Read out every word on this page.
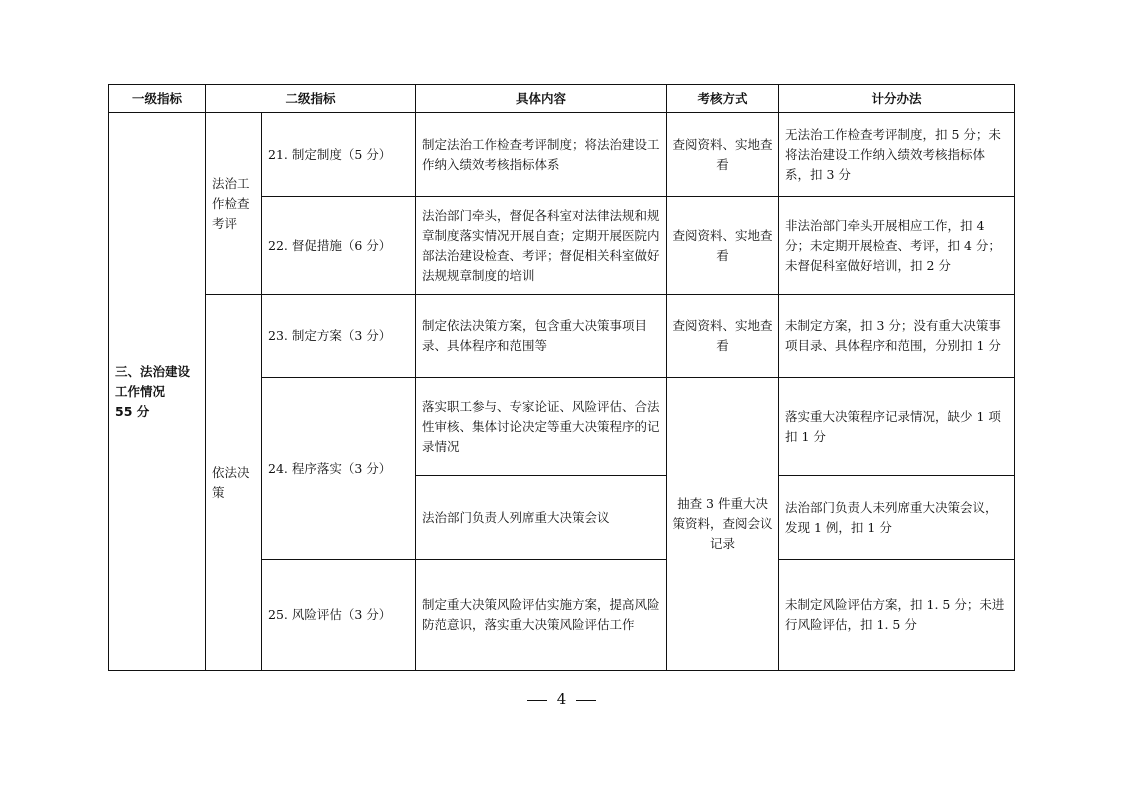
一级指标	二级指标		具体内容	考核方式	计分办法

三、法治建设
工作情况
55 分	法治工作检查考评	21. 制定制度（5 分）	制定法治工作检查考评制度；将法治建设工作纳入绩效考核指标体系	查阅资料、实地查看	无法治工作检查考评制度，扣 5 分；未将法治建设工作纳入绩效考核指标体系，扣 3 分
		22. 督促措施（6 分）	法治部门牵头，督促各科室对法律法规和规章制度落实情况开展自查；定期开展医院内部法治建设检查、考评；督促相关科室做好法规规章制度的培训	查阅资料、实地查看	非法治部门牵头开展相应工作，扣 4 分；未定期开展检查、考评，扣 4 分；未督促科室做好培训，扣 2 分
	依法决策	23. 制定方案（3 分）	制定依法决策方案，包含重大决策事项目录、具体程序和范围等	查阅资料、实地查看	未制定方案，扣 3 分；没有重大决策事项目录、具体程序和范围，分别扣 1 分
		24. 程序落实（3 分）	落实职工参与、专家论证、风险评估、合法性审核、集体讨论决定等重大决策程序的记录情况	抽查 3 件重大决策资料，查阅会议记录	落实重大决策程序记录情况，缺少 1 项扣 1 分
			法治部门负责人列席重大决策会议		法治部门负责人未列席重大决策会议，发现 1 例，扣 1 分
		25. 风险评估（3 分）	制定重大决策风险评估实施方案，提高风险防范意识，落实重大决策风险评估工作		未制定风险评估方案，扣 1. 5 分；未进行风险评估，扣 1. 5 分
4
